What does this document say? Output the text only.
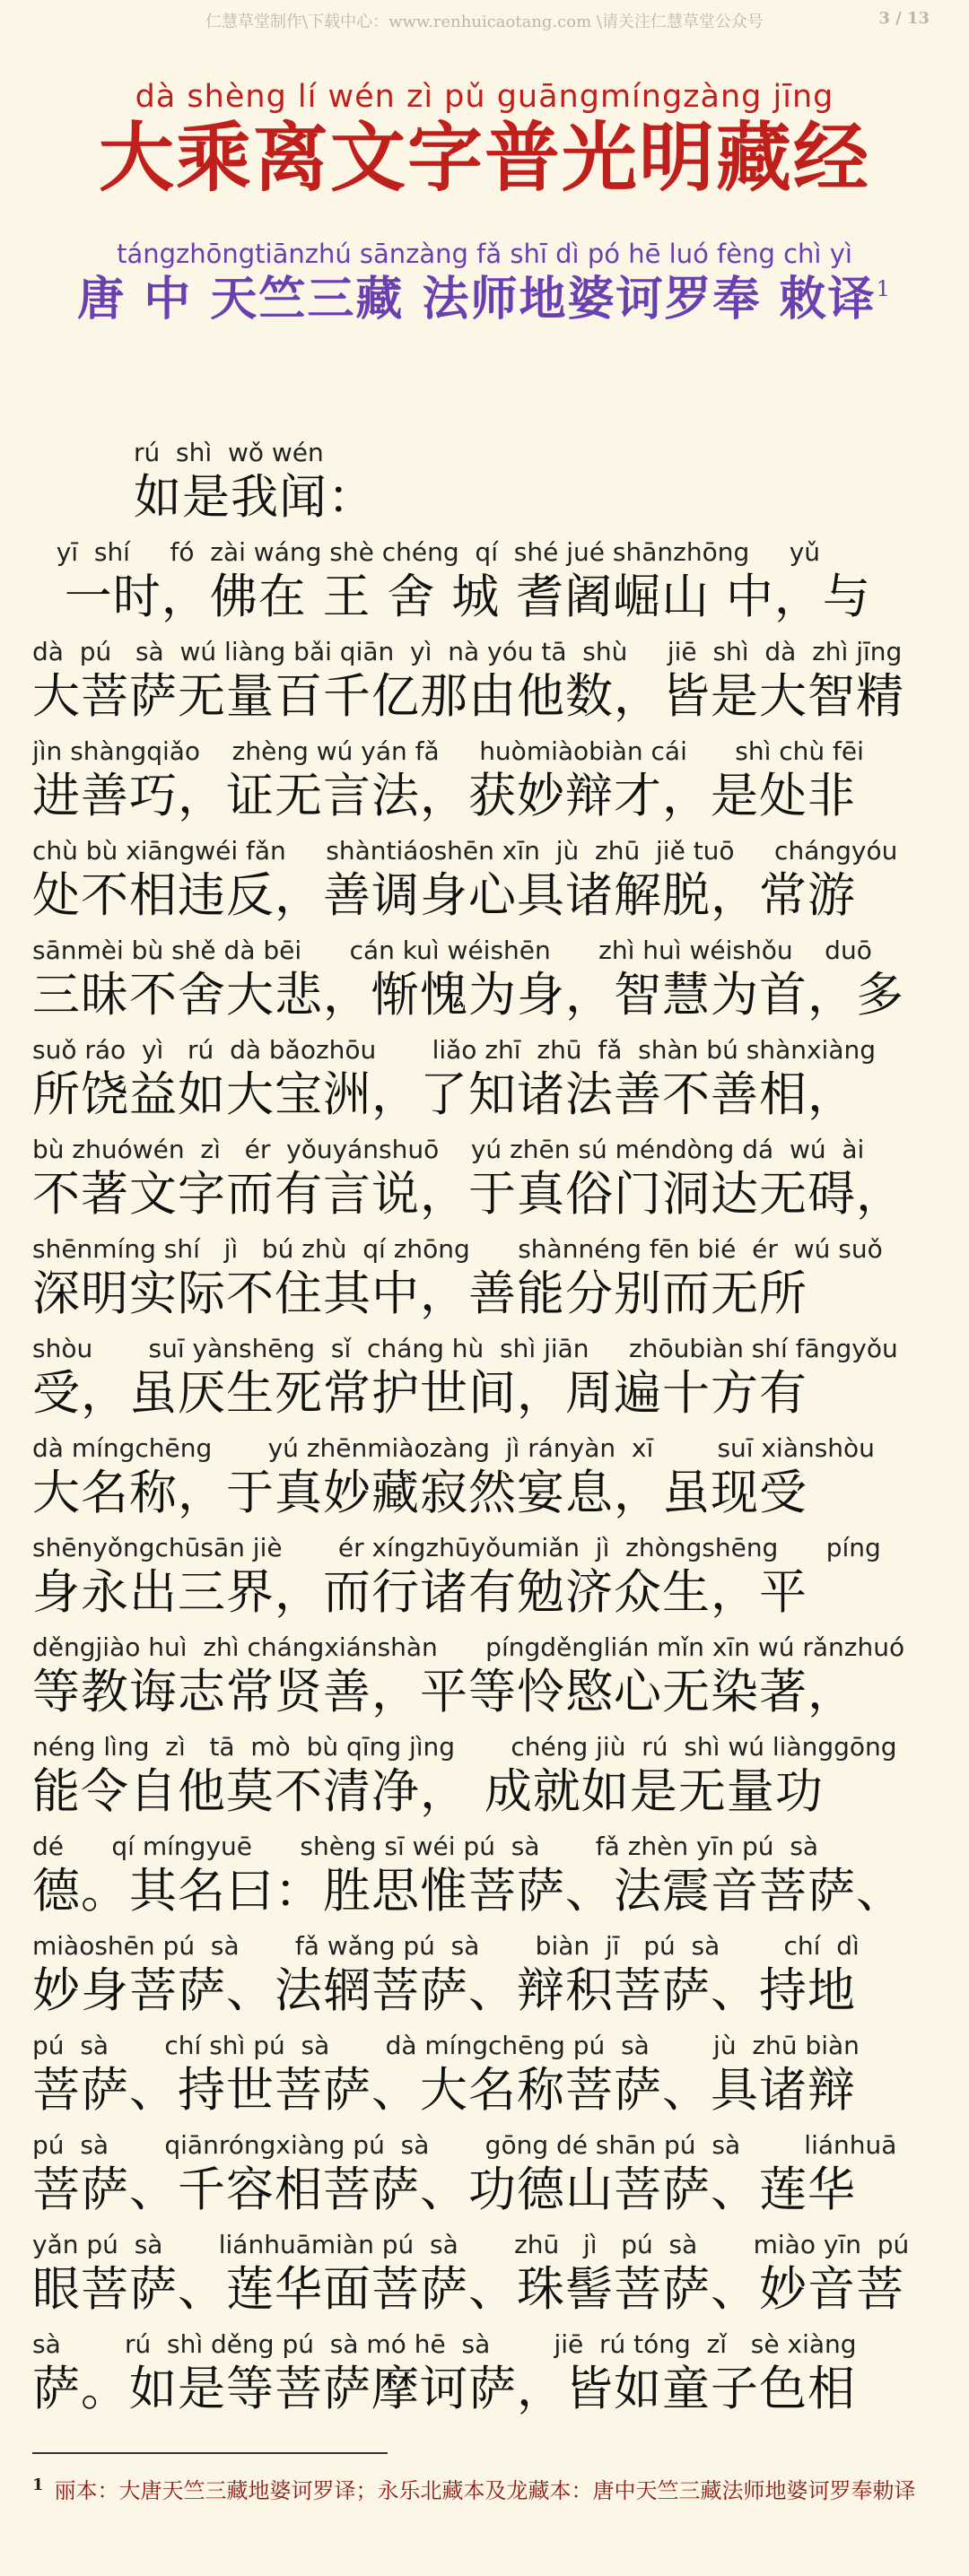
仁慧草堂制作\下载中心：www.renhuicaotang.com \请关注仁慧草堂公众号	3 / 13
dà shèng lí wén zì pǔ guāngmíngzàng jīng
大乘离文字普光明藏经
tángzhōngtiānzhú sānzàng fǎ shī dì pó hē luó fèng chì yì
唐 中 天竺三藏 法师地婆诃罗奉 敕译$^1$
rú  shì  wǒ wén
如是我闻：
yī  shí     fó  zài wáng shè chéng  qí  shé jué shānzhōng     yǔ
一时，佛在 王 舍 城 耆阇崛山 中，与
dà  pú   sà  wú liàng bǎi qiān  yì  nà yóu tā  shù     jiē  shì  dà  zhì jīng
大菩萨无量百千亿那由他数，皆是大智精
jìn shàngqiǎo    zhèng wú yán fǎ     huòmiàobiàn cái      shì chù fēi
进善巧，证无言法，获妙辩才，是处非
chù bù xiāngwéi fǎn     shàntiáoshēn xīn  jù  zhū  jiě tuō     chángyóu
处不相违反，善调身心具诸解脱，常游
sānmèi bù shě dà bēi      cán kuì wéishēn      zhì huì wéishǒu    duō
三昧不舍大悲，惭愧为身，智慧为首，多
suǒ ráo  yì   rú  dà bǎozhōu       liǎo zhī  zhū  fǎ  shàn bú shànxiàng
所饶益如大宝洲，了知诸法善不善相，
bù zhuówén  zì   ér  yǒuyánshuō    yú zhēn sú méndòng dá  wú  ài
不著文字而有言说，于真俗门洞达无碍，
shēnmíng shí   jì   bú zhù  qí zhōng      shànnéng fēn bié  ér  wú suǒ
深明实际不住其中，善能分别而无所
shòu       suī yànshēng  sǐ  cháng hù  shì jiān     zhōubiàn shí fāngyǒu
受，虽厌生死常护世间，周遍十方有
dà míngchēng       yú zhēnmiàozàng  jì rányàn  xī        suī xiànshòu
大名称，于真妙藏寂然宴息，虽现受
shēnyǒngchūsān jiè       ér xíngzhūyǒumiǎn  jì  zhòngshēng      píng
身永出三界，而行诸有勉济众生，平
děngjiào huì  zhì chángxiánshàn      píngděnglián mǐn xīn wú rǎnzhuó
等教诲志常贤善，平等怜愍心无染著，
néng lìng  zì   tā  mò  bù qīng jìng       chéng jiù  rú  shì wú liànggōng
能令自他莫不清净， 成就如是无量功
dé      qí míngyuē      shèng sī wéi pú  sà       fǎ zhèn yīn pú  sà
德。其名曰：胜思惟菩萨、法震音菩萨、
miàoshēn pú  sà       fǎ wǎng pú  sà       biàn  jī   pú  sà        chí  dì
妙身菩萨、法辋菩萨、辩积菩萨、持地
pú  sà       chí shì pú  sà       dà míngchēng pú  sà        jù  zhū biàn
菩萨、持世菩萨、大名称菩萨、具诸辩
pú  sà       qiānróngxiàng pú  sà       gōng dé shān pú  sà        liánhuā
菩萨、千容相菩萨、功德山菩萨、莲华
yǎn pú  sà       liánhuāmiàn pú  sà       zhū   jì   pú  sà       miào yīn  pú
眼菩萨、莲华面菩萨、珠髻菩萨、妙音菩
sà        rú  shì děng pú  sà mó hē  sà        jiē  rú tóng  zǐ   sè xiàng
萨。如是等菩萨摩诃萨，皆如童子色相
$^1$ 丽本：大唐天竺三藏地婆诃罗译；永乐北藏本及龙藏本：唐中天竺三藏法师地婆诃罗奉勅译
